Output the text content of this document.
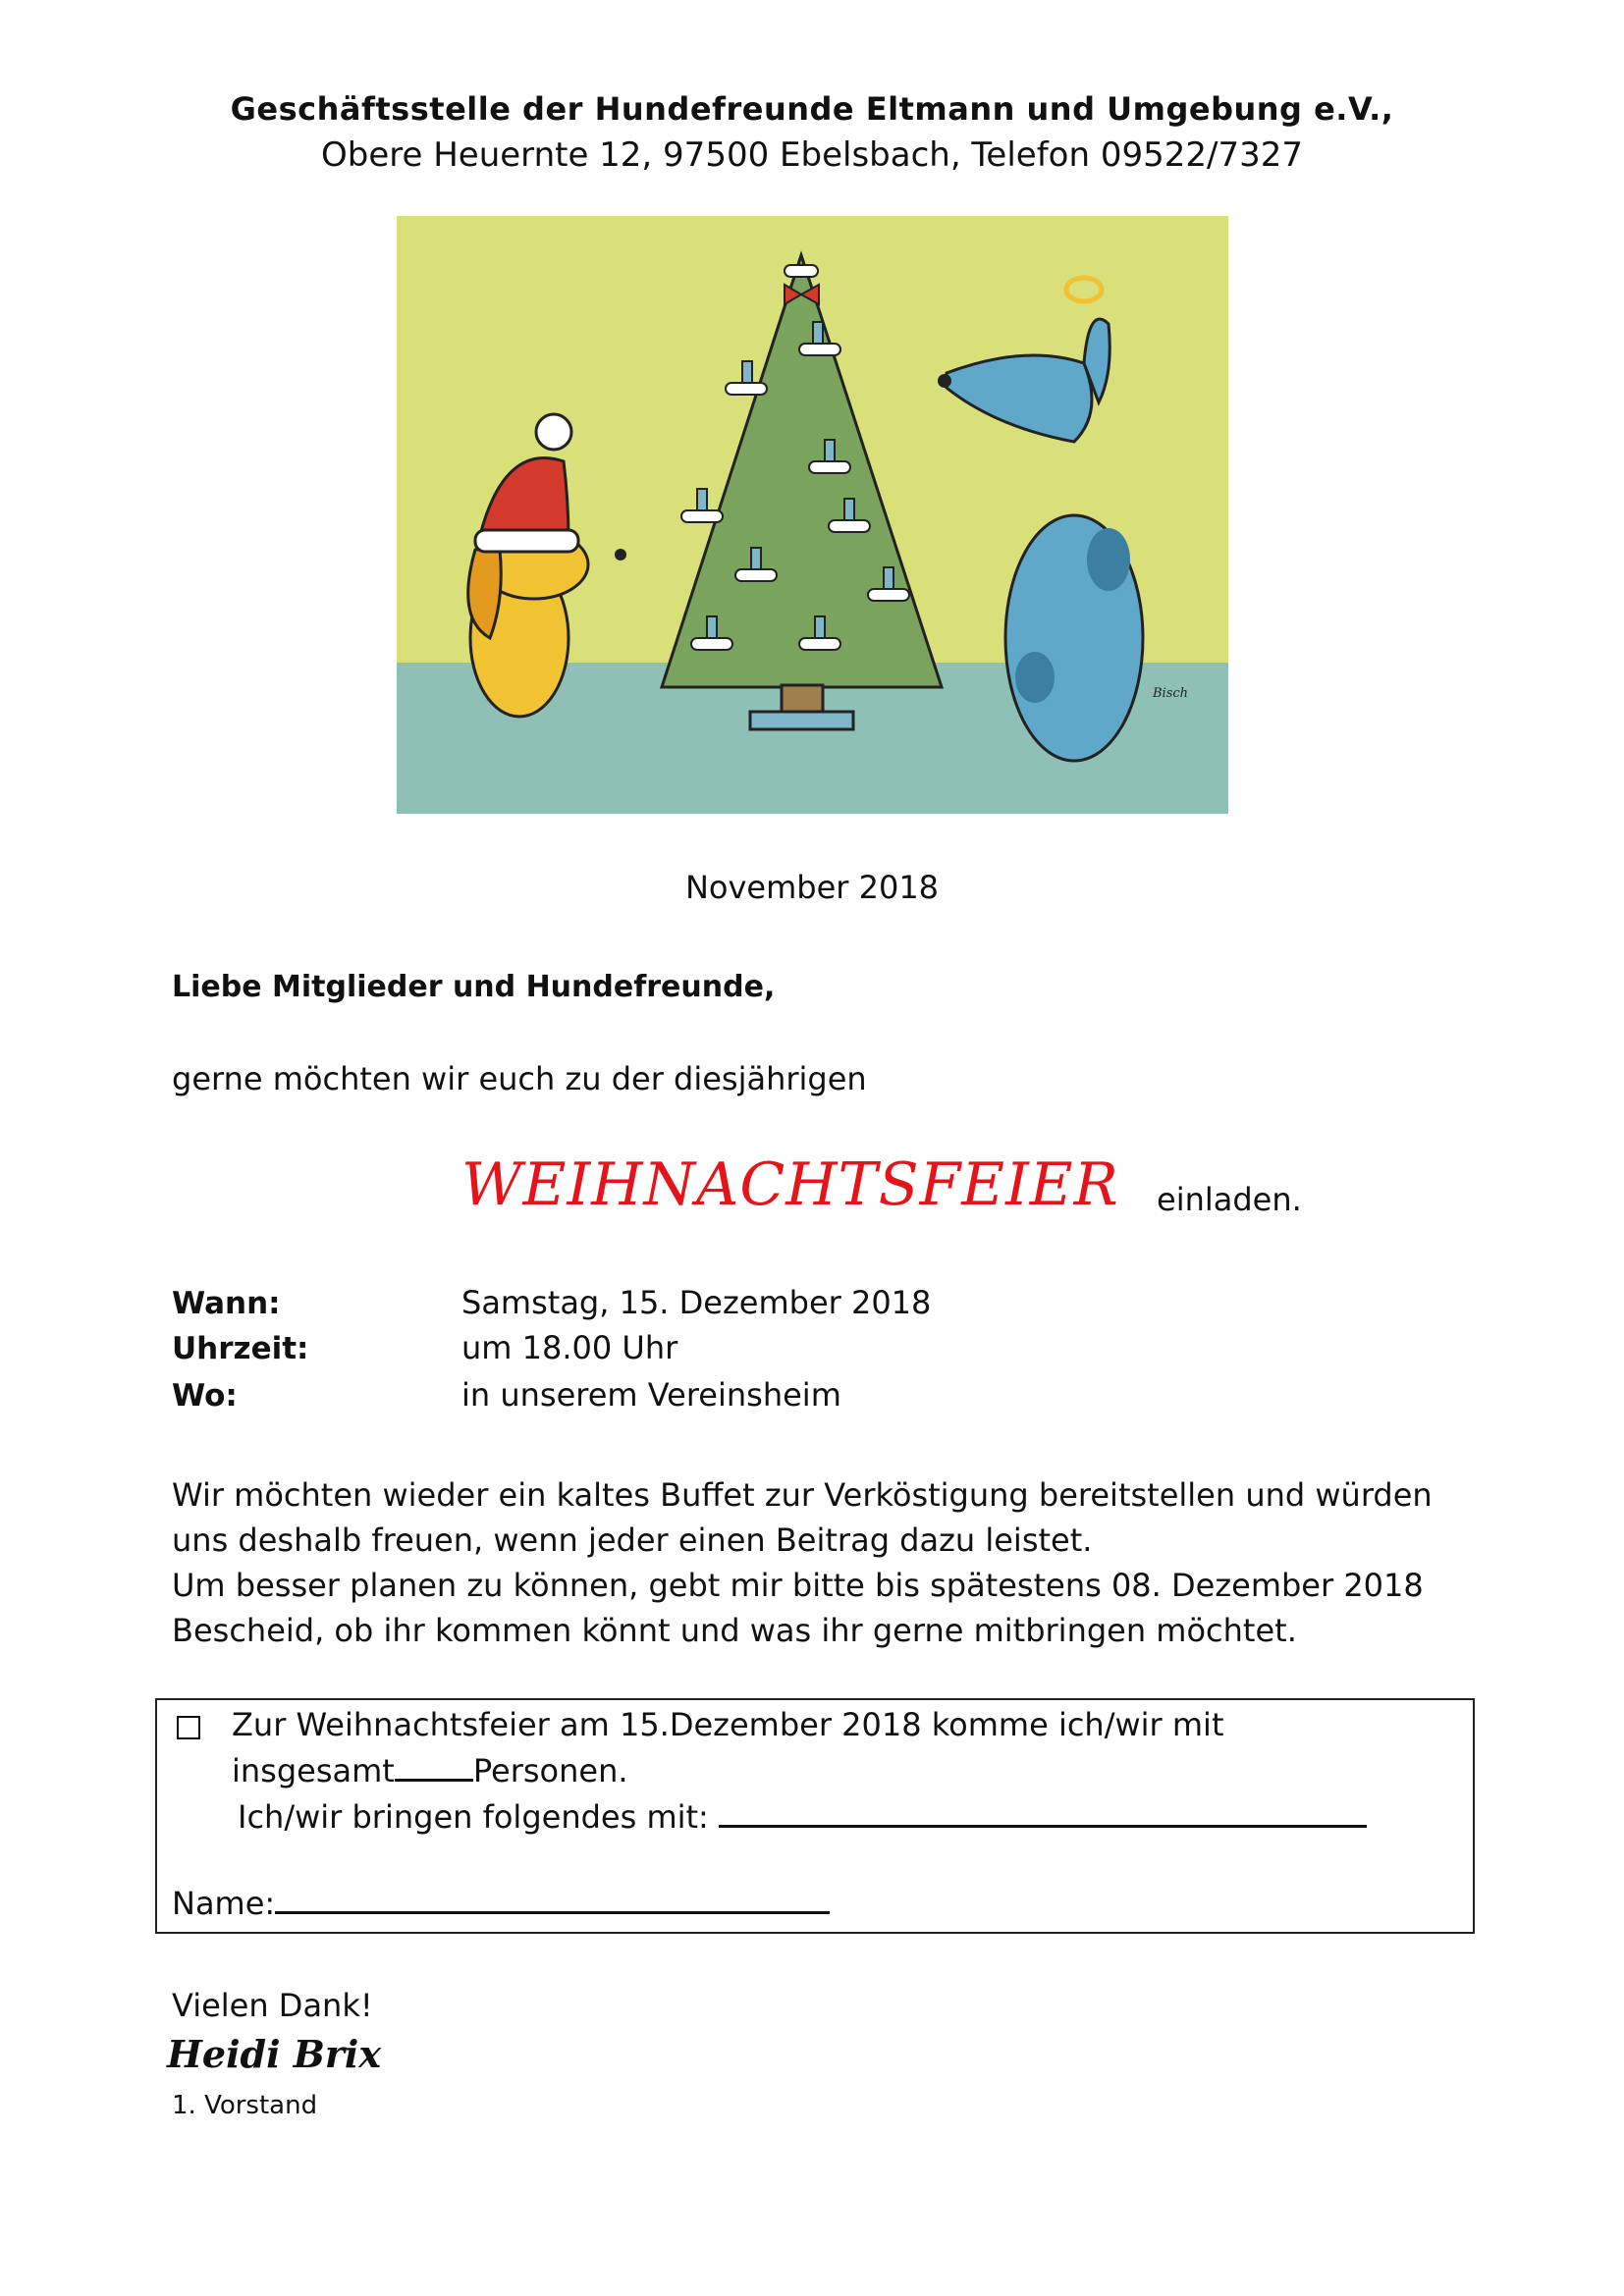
Geschäftsstelle der Hundefreunde Eltmann und Umgebung e.V.,
Obere Heuernte 12, 97500 Ebelsbach, Telefon 09522/7327
Bisch
November 2018
Liebe Mitglieder und Hundefreunde,
gerne möchten wir euch zu der diesjährigen
WEIHNACHTSFEIER einladen.
Wann:	Samstag, 15. Dezember 2018
Uhrzeit:	um 18.00 Uhr
Wo:	in unserem Vereinsheim
Wir möchten wieder ein kaltes Buffet zur Verköstigung bereitstellen und würden
uns deshalb freuen, wenn jeder einen Beitrag dazu leistet.
Um besser planen zu können, gebt mir bitte bis spätestens 08. Dezember 2018
Bescheid, ob ihr kommen könnt und was ihr gerne mitbringen möchtet.
Zur Weihnachtsfeier am 15.Dezember 2018 komme ich/wir mit
insgesamt	Personen.
Ich/wir bringen folgendes mit:
Name:
Vielen Dank!
Heidi Brix
1. Vorstand
